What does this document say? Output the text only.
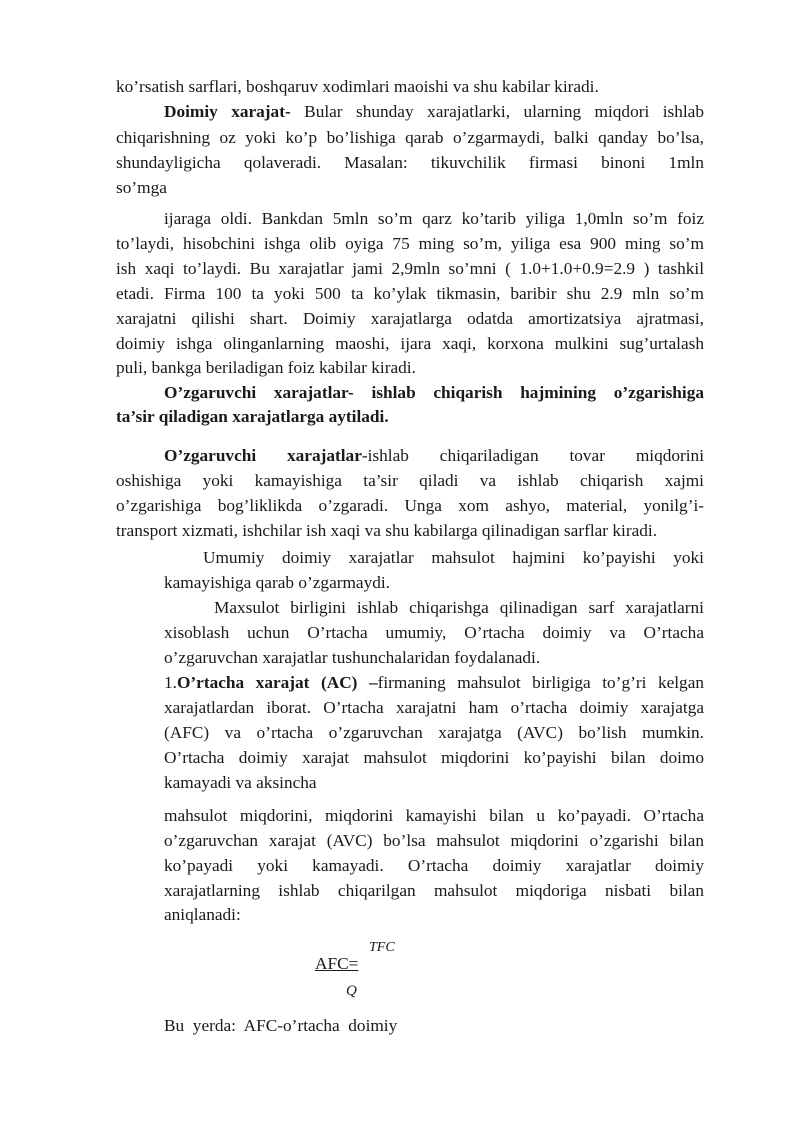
ko’rsatish sarflari, boshqaruv xodimlari maoishi va shu kabilar kiradi.
Doimiy xarajat- Bular shunday xarajatlarki, ularning miqdori ishlab
chiqarishning oz yoki ko’p bo’lishiga qarab o’zgarmaydi, balki qanday bo’lsa,
shundayligicha qolaveradi. Masalan: tikuvchilik firmasi binoni 1mln
so’mga
ijaraga oldi. Bankdan 5mln so’m qarz ko’tarib yiliga 1,0mln so’m foiz
to’laydi, hisobchini ishga olib oyiga 75 ming so’m, yiliga esa 900 ming so’m
ish xaqi to’laydi. Bu xarajatlar jami 2,9mln so’mni ( 1.0+1.0+0.9=2.9 ) tashkil
etadi. Firma 100 ta yoki 500 ta ko’ylak tikmasin, baribir shu 2.9 mln so’m
xarajatni qilishi shart. Doimiy xarajatlarga odatda amortizatsiya ajratmasi,
doimiy ishga olinganlarning maoshi, ijara xaqi, korxona mulkini sug’urtalash
puli, bankga beriladigan foiz kabilar kiradi.
O’zgaruvchi xarajatlar- ishlab chiqarish hajmining o’zgarishiga
ta’sir qiladigan xarajatlarga aytiladi.
O’zgaruvchi xarajatlar-ishlab chiqariladigan tovar miqdorini
oshishiga yoki kamayishiga ta’sir qiladi va ishlab chiqarish xajmi
o’zgarishiga bog’liklikda o’zgaradi. Unga xom ashyo, material, yonilg’i-
transport xizmati, ishchilar ish xaqi va shu kabilarga qilinadigan sarflar kiradi.
Umumiy doimiy xarajatlar mahsulot hajmini ko’payishi yoki
kamayishiga qarab o’zgarmaydi.
Maxsulot birligini ishlab chiqarishga qilinadigan sarf xarajatlarni
xisoblash uchun O’rtacha umumiy, O’rtacha doimiy va O’rtacha
o’zgaruvchan xarajatlar tushunchalaridan foydalanadi.
1.O’rtacha xarajat (AC) –firmaning mahsulot birligiga to’g’ri kelgan
xarajatlardan iborat. O’rtacha xarajatni ham o’rtacha doimiy xarajatga
(AFC) va o’rtacha o’zgaruvchan xarajatga (AVC) bo’lish mumkin.
O’rtacha doimiy xarajat mahsulot miqdorini ko’payishi bilan doimo
kamayadi va aksincha
mahsulot miqdorini, miqdorini kamayishi bilan u ko’payadi. O’rtacha
o’zgaruvchan xarajat (AVC) bo’lsa mahsulot miqdorini o’zgarishi bilan
ko’payadi yoki kamayadi. O’rtacha doimiy xarajatlar doimiy
xarajatlarning ishlab chiqarilgan mahsulot miqdoriga nisbati bilan
aniqlanadi:
AFC=
TFC
Q
Bu  yerda:  AFC-o’rtacha  doimiy
